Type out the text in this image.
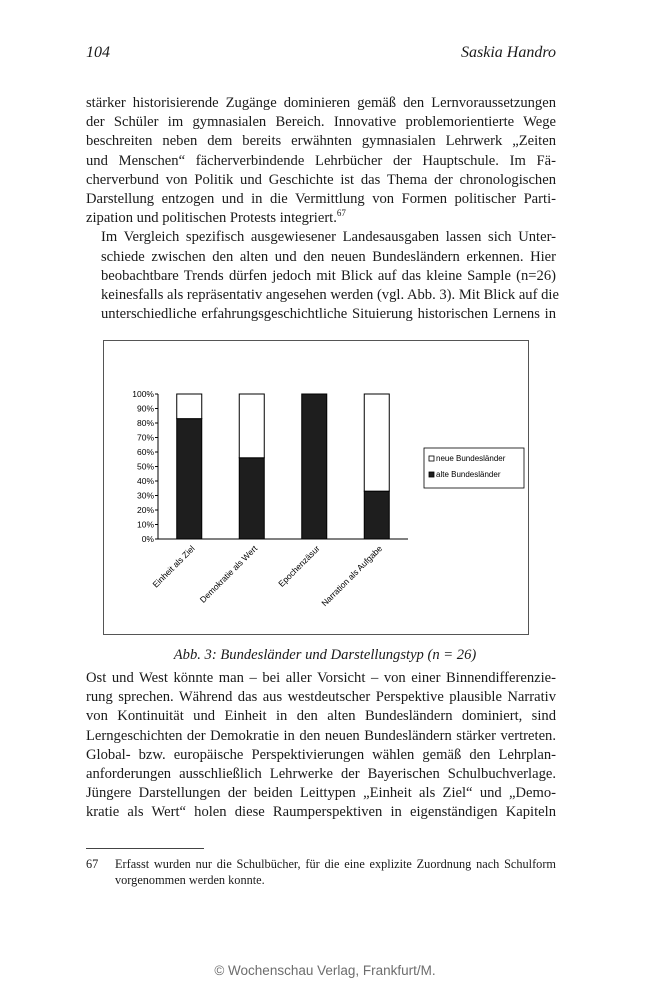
104	Saskia Handro

stärker historisierende Zugänge dominieren gemäß den Lernvoraussetzungen
der Schüler im gymnasialen Bereich. Innovative problemorientierte Wege
beschreiten neben dem bereits erwähnten gymnasialen Lehrwerk „Zeiten
und Menschen“ fächerverbindende Lehrbücher der Hauptschule. Im Fä-
cherverbund von Politik und Geschichte ist das Thema der chronologischen
Darstellung entzogen und in die Vermittlung von Formen politischer Parti-
zipation und politischen Protests integriert.$^{67}$

Im Vergleich spezifisch ausgewiesener Landesausgaben lassen sich Unter-
schiede zwischen den alten und den neuen Bundesländern erkennen. Hier
beobachtbare Trends dürfen jedoch mit Blick auf das kleine Sample (n=26)
keinesfalls als repräsentativ angesehen werden (vgl. Abb. 3). Mit Blick auf die
unterschiedliche erfahrungsgeschichtliche Situierung historischen Lernens in

0%
10%
20%
30%
40%
50%
60%
70%
80%
90%
100%
Einheit als Ziel Demokratie als Wert Epochenzäsur
Narration als Aufgabe
neue Bundesländer
alte Bundesländer
Abb. 3: Bundesländer und Darstellungstyp (n = 26)

Ost und West könnte man – bei aller Vorsicht – von einer Binnendifferenzie-
rung sprechen. Während das aus westdeutscher Perspektive plausible Narrativ
von Kontinuität und Einheit in den alten Bundesländern dominiert, sind
Lerngeschichten der Demokratie in den neuen Bundesländern stärker vertreten.
Global- bzw. europäische Perspektivierungen wählen gemäß den Lehrplan-
anforderungen ausschließlich Lehrwerke der Bayerischen Schulbuchverlage.
Jüngere Darstellungen der beiden Leittypen „Einheit als Ziel“ und „Demo-
kratie als Wert“ holen diese Raumperspektiven in eigenständigen Kapiteln

67 Erfasst wurden nur die Schulbücher, für die eine explizite Zuordnung nach Schulform
vorgenommen werden konnte.
© Wochenschau Verlag, Frankfurt/M.
